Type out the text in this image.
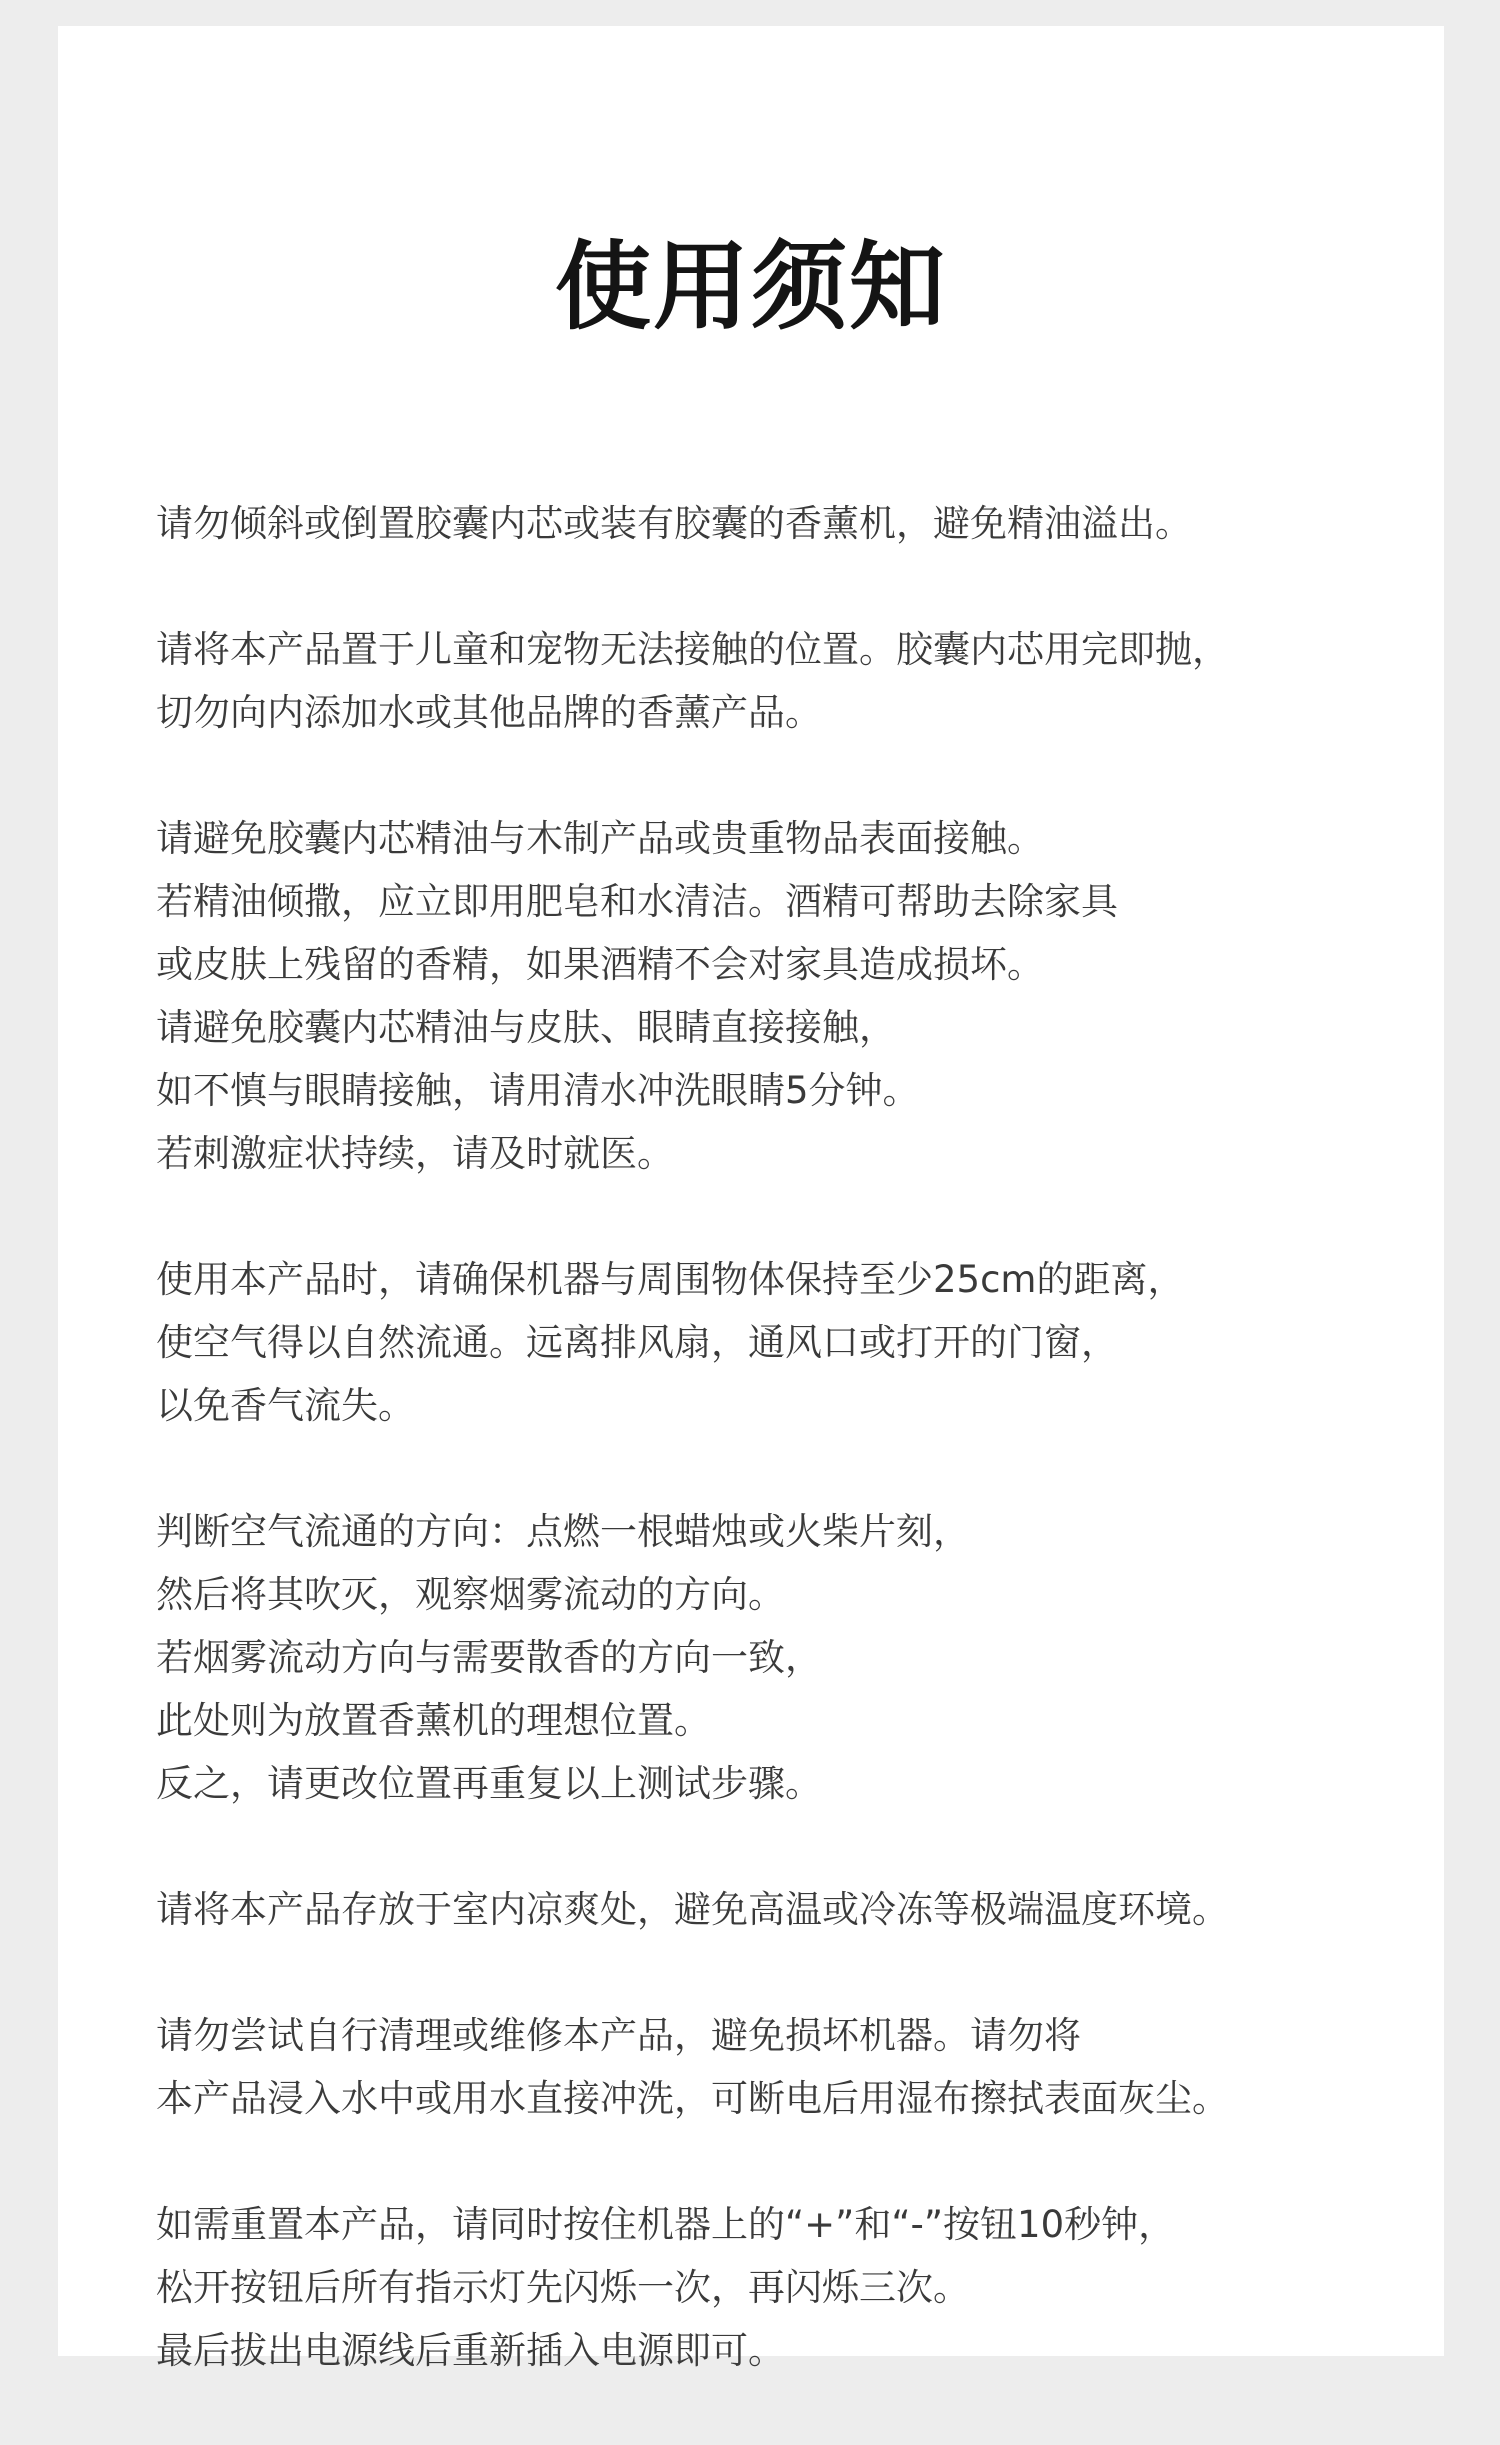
使用须知
请勿倾斜或倒置胶囊内芯或装有胶囊的香薰机，避免精油溢出。
请将本产品置于儿童和宠物无法接触的位置。胶囊内芯用完即抛，
切勿向内添加水或其他品牌的香薰产品。
请避免胶囊内芯精油与木制产品或贵重物品表面接触。
若精油倾撒，应立即用肥皂和水清洁。酒精可帮助去除家具
或皮肤上残留的香精，如果酒精不会对家具造成损坏。
请避免胶囊内芯精油与皮肤、眼睛直接接触，
如不慎与眼睛接触，请用清水冲洗眼睛5分钟。
若刺激症状持续，请及时就医。
使用本产品时，请确保机器与周围物体保持至少25cm的距离，
使空气得以自然流通。远离排风扇，通风口或打开的门窗，
以免香气流失。
判断空气流通的方向：点燃一根蜡烛或火柴片刻，
然后将其吹灭，观察烟雾流动的方向。
若烟雾流动方向与需要散香的方向一致，
此处则为放置香薰机的理想位置。
反之，请更改位置再重复以上测试步骤。
请将本产品存放于室内凉爽处，避免高温或冷冻等极端温度环境。
请勿尝试自行清理或维修本产品，避免损坏机器。请勿将
本产品浸入水中或用水直接冲洗，可断电后用湿布擦拭表面灰尘。
如需重置本产品，请同时按住机器上的“+”和“-”按钮10秒钟，
松开按钮后所有指示灯先闪烁一次，再闪烁三次。
最后拔出电源线后重新插入电源即可。
